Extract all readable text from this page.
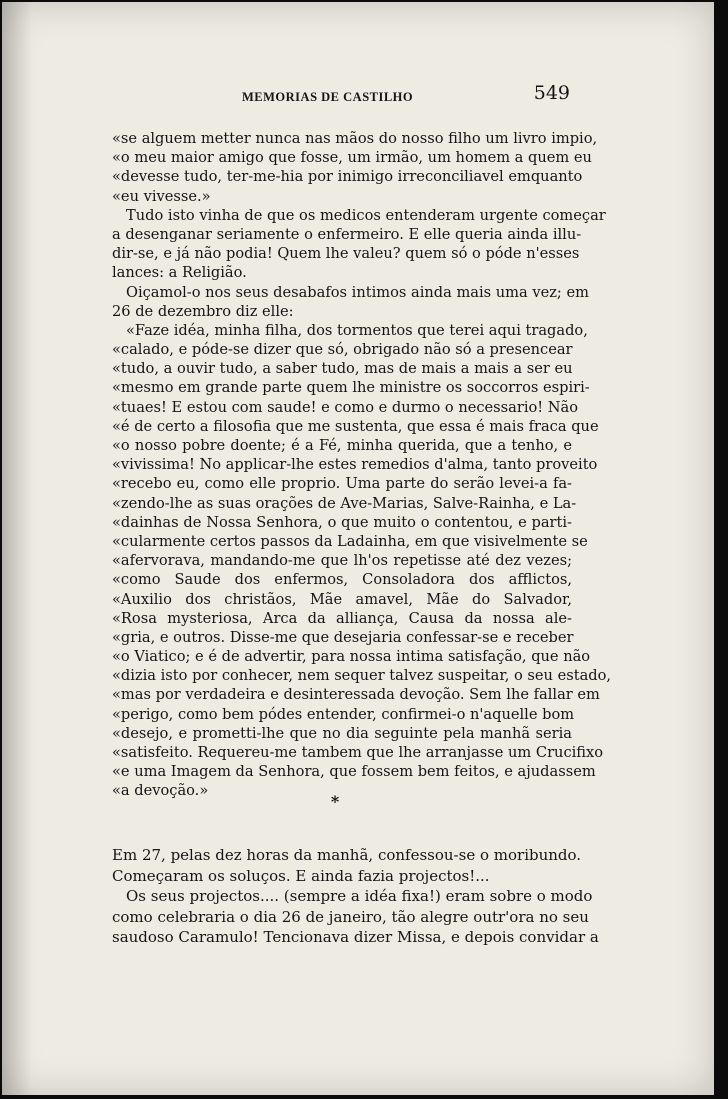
MEMORIAS DE CASTILHO	549
«se alguem metter nunca nas mãos do nosso filho um livro impio,
«o meu maior amigo que fosse, um irmão, um homem a quem eu
«devesse tudo, ter-me-hia por inimigo irreconciliavel emquanto
«eu vivesse.»
Tudo isto vinha de que os medicos entenderam urgente começar
a desenganar seriamente o enfermeiro. E elle queria ainda illu-
dir-se, e já não podia! Quem lhe valeu? quem só o póde n'esses
lances: a Religião.
Oiçamol-o nos seus desabafos intimos ainda mais uma vez; em
26 de dezembro diz elle:
«Faze idéa, minha filha, dos tormentos que terei aqui tragado,
«calado, e póde-se dizer que só, obrigado não só a presencear
«tudo, a ouvir tudo, a saber tudo, mas de mais a mais a ser eu
«mesmo em grande parte quem lhe ministre os soccorros espiri-
«tuaes! E estou com saude! e como e durmo o necessario! Não
«é de certo a filosofia que me sustenta, que essa é mais fraca que
«o nosso pobre doente; é a Fé, minha querida, que a tenho, e
«vivissima! No applicar-lhe estes remedios d'alma, tanto proveito
«recebo eu, como elle proprio. Uma parte do serão levei-a fa-
«zendo-lhe as suas orações de Ave-Marias, Salve-Rainha, e La-
«dainhas de Nossa Senhora, o que muito o contentou, e parti-
«cularmente certos passos da Ladainha, em que visivelmente se
«afervorava, mandando-me que lh'os repetisse até dez vezes;
«como Saude dos enfermos, Consoladora dos afflictos,
«Auxilio dos christãos, Mãe amavel, Mãe do Salvador,
«Rosa mysteriosa, Arca da alliança, Causa da nossa ale-
«gria, e outros. Disse-me que desejaria confessar-se e receber
«o Viatico; e é de advertir, para nossa intima satisfação, que não
«dizia isto por conhecer, nem sequer talvez suspeitar, o seu estado,
«mas por verdadeira e desinteressada devoção. Sem lhe fallar em
«perigo, como bem pódes entender, confirmei-o n'aquelle bom
«desejo, e prometti-lhe que no dia seguinte pela manhã seria
«satisfeito. Requereu-me tambem que lhe arranjasse um Crucifixo
«e uma Imagem da Senhora, que fossem bem feitos, e ajudassem
«a devoção.»
*
Em 27, pelas dez horas da manhã, confessou-se o moribundo.
Começaram os soluços. E ainda fazia projectos!...
Os seus projectos.... (sempre a idéa fixa!) eram sobre o modo
como celebraria o dia 26 de janeiro, tão alegre outr'ora no seu
saudoso Caramulo! Tencionava dizer Missa, e depois convidar a
